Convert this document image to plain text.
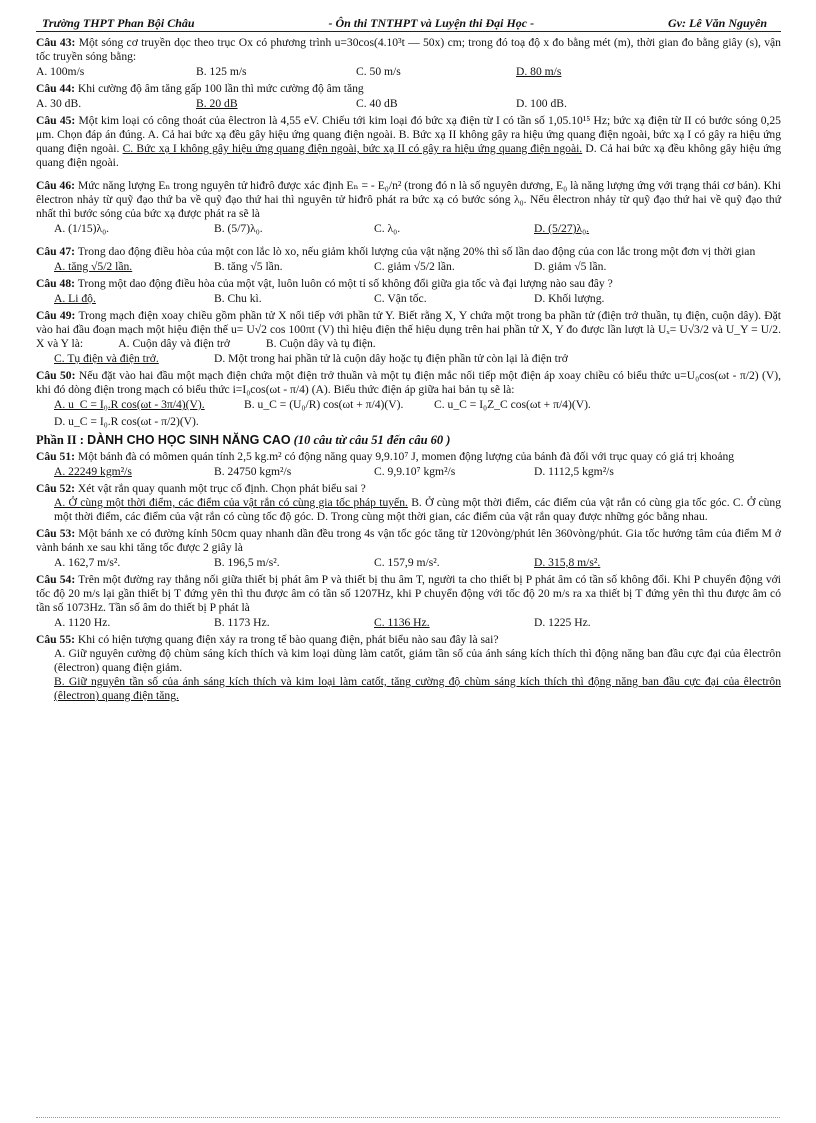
Trường THPT Phan Bội Châu	- Ôn thi TNTHPT và Luyện thi Đại Học -	Gv: Lê Văn Nguyên
Câu 43: Một sóng cơ truyền dọc theo trục Ox có phương trình u=30cos(4.10³t — 50x) cm; trong đó toạ độ x đo bằng mét (m), thời gian đo bằng giây (s), vận tốc truyền sóng bằng:
A. 100m/s	B. 125 m/s	C. 50 m/s	D. 80 m/s
Câu 44: Khi cường độ âm tăng gấp 100 lần thì mức cường độ âm tăng
A. 30 dB.	B. 20 dB	C. 40 dB	D. 100 dB.
Câu 45: Một kim loại có công thoát của êlectron là 4,55 eV. Chiếu tới kim loại đó bức xạ điện từ I có tần số 1,05.10¹⁵ Hz; bức xạ điện từ II có bước sóng 0,25 μm. Chọn đáp án đúng. A. Cả hai bức xạ đều gây hiệu ứng quang điện ngoài. B. Bức xạ II không gây ra hiệu ứng quang điện ngoài, bức xạ I có gây ra hiệu ứng quang điện ngoài. C. Bức xạ I không gây hiệu ứng quang điện ngoài, bức xạ II có gây ra hiệu ứng quang điện ngoài. D. Cả hai bức xạ đều không gây hiệu ứng quang điện ngoài.
Câu 46: Mức năng lượng Eₙ trong nguyên tử hiđrô được xác định Eₙ = - E₀/n² (trong đó n là số nguyên dương, E₀ là năng lượng ứng với trạng thái cơ bản). Khi êlectron nhảy từ quỹ đạo thứ ba về quỹ đạo thứ hai thì nguyên tử hiđrô phát ra bức xạ có bước sóng λ₀. Nếu êlectron nhảy từ quỹ đạo thứ hai về quỹ đạo thứ nhất thì bước sóng của bức xạ được phát ra sẽ là
A. (1/15)λ₀.	B. (5/7)λ₀.	C. λ₀.	D. (5/27)λ₀.
Câu 47: Trong dao động điều hòa của một con lắc lò xo, nếu giảm khối lượng của vật nặng 20% thì số lần dao động của con lắc trong một đơn vị thời gian
A. tăng √5/2 lần.	B. tăng √5 lần.	C. giảm √5/2 lần.	D. giảm √5 lần.
Câu 48: Trong một dao động điều hòa của một vật, luôn luôn có một tỉ số không đổi giữa gia tốc và đại lượng nào sau đây ?
A. Li độ.	B. Chu kì.	C. Vận tốc.	D. Khối lượng.
Câu 49: Trong mạch điện xoay chiều gồm phần tử X nối tiếp với phần tử Y. Biết rằng X, Y chứa một trong ba phần tử (điện trở thuần, tụ điện, cuộn dây). Đặt vào hai đầu đoạn mạch một hiệu điện thế u= U√2 cos 100πt (V) thì hiệu điện thế hiệu dụng trên hai phần tử X, Y đo được lần lượt là Uₓ= U√3/2 và U_Y = U/2. X và Y là:	A. Cuộn dây và điện trở	B. Cuộn dây và tụ điện.
C. Tụ điện và điện trở.	D. Một trong hai phần tử là cuộn dây hoặc tụ điện phần tử còn lại là điện trở
Câu 50: Nếu đặt vào hai đầu một mạch điện chứa một điện trở thuần và một tụ điện mắc nối tiếp một điện áp xoay chiều có biểu thức u=U₀cos(ωt - π/2) (V), khi đó dòng điện trong mạch có biểu thức i=I₀cos(ωt - π/4) (A). Biểu thức điện áp giữa hai bản tụ sẽ là:
A. u_C = I₀.R cos(ωt - 3π/4)(V).	B. u_C = (U₀/R) cos(ωt + π/4)(V).	C. u_C = I₀Z_C cos(ωt + π/4)(V).
D. u_C = I₀.R cos(ωt - π/2)(V).
Phần II : DÀNH CHO HỌC SINH NĂNG CAO (10 câu từ câu 51 đến câu 60 )
Câu 51: Một bánh đà có mômen quán tính 2,5 kg.m² có động năng quay 9,9.10⁷ J, momen động lượng của bánh đà đối với trục quay có giá trị khoảng
A. 22249 kgm²/s	B. 24750 kgm²/s	C. 9,9.10⁷ kgm²/s	D. 1112,5 kgm²/s
Câu 52: Xét vật rắn quay quanh một trục cố định. Chọn phát biểu sai ?
A. Ở cùng một thời điểm, các điểm của vật rắn có cùng gia tốc pháp tuyến. B. Ở cùng một thời điểm, các điểm của vật rắn có cùng gia tốc góc. C. Ở cùng một thời điểm, các điểm của vật rắn có cùng tốc độ góc. D. Trong cùng một thời gian, các điểm của vật rắn quay được những góc bằng nhau.
Câu 53: Một bánh xe có đường kính 50cm quay nhanh dần đều trong 4s vận tốc góc tăng từ 120vòng/phút lên 360vòng/phút. Gia tốc hướng tâm của điểm M ở vành bánh xe sau khi tăng tốc được 2 giây là
A. 162,7 m/s².	B. 196,5 m/s².	C. 157,9 m/s².	D. 315,8 m/s².
Câu 54: Trên một đường ray thẳng nối giữa thiết bị phát âm P và thiết bị thu âm T, người ta cho thiết bị P phát âm có tần số không đổi. Khi P chuyển động với tốc độ 20 m/s lại gần thiết bị T đứng yên thì thu được âm có tần số 1207Hz, khi P chuyển động với tốc độ 20 m/s ra xa thiết bị T đứng yên thì thu được âm có tần số 1073Hz. Tần số âm do thiết bị P phát là
A. 1120 Hz.	B. 1173 Hz.	C. 1136 Hz.	D. 1225 Hz.
Câu 55: Khi có hiện tượng quang điện xảy ra trong tế bào quang điện, phát biểu nào sau đây là sai?
A. Giữ nguyên cường độ chùm sáng kích thích và kim loại dùng làm catốt, giảm tần số của ánh sáng kích thích thì động năng ban đầu cực đại của êlectrôn (êlectron) quang điện giảm.
B. Giữ nguyên tần số của ánh sáng kích thích và kim loại làm catốt, tăng cường độ chùm sáng kích thích thì động năng ban đầu cực đại của êlectrôn (êlectron) quang điện tăng.
